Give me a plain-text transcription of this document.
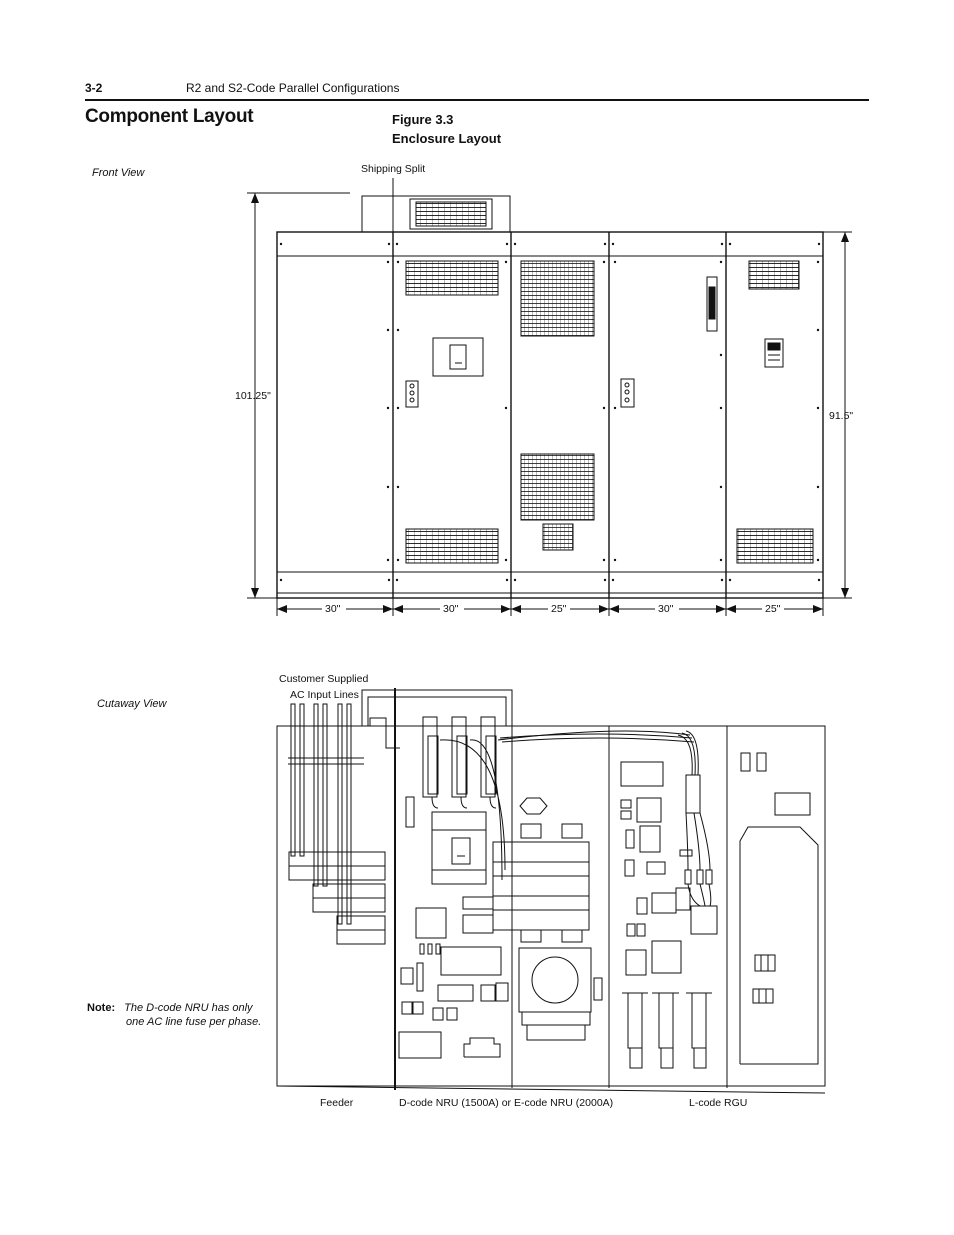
3-2	R2 and S2-Code Parallel Configurations
Component Layout	Figure 3.3
Enclosure Layout
Front View	Shipping Split
101.25"
91.5"
30"	30"	25"	30"	25"
Cutaway View
Customer Supplied
AC Input Lines
Feeder	D-code NRU (1500A) or E-code NRU (2000A)	L-code RGU
Note: The D-code NRU has only
one AC line fuse per phase.
